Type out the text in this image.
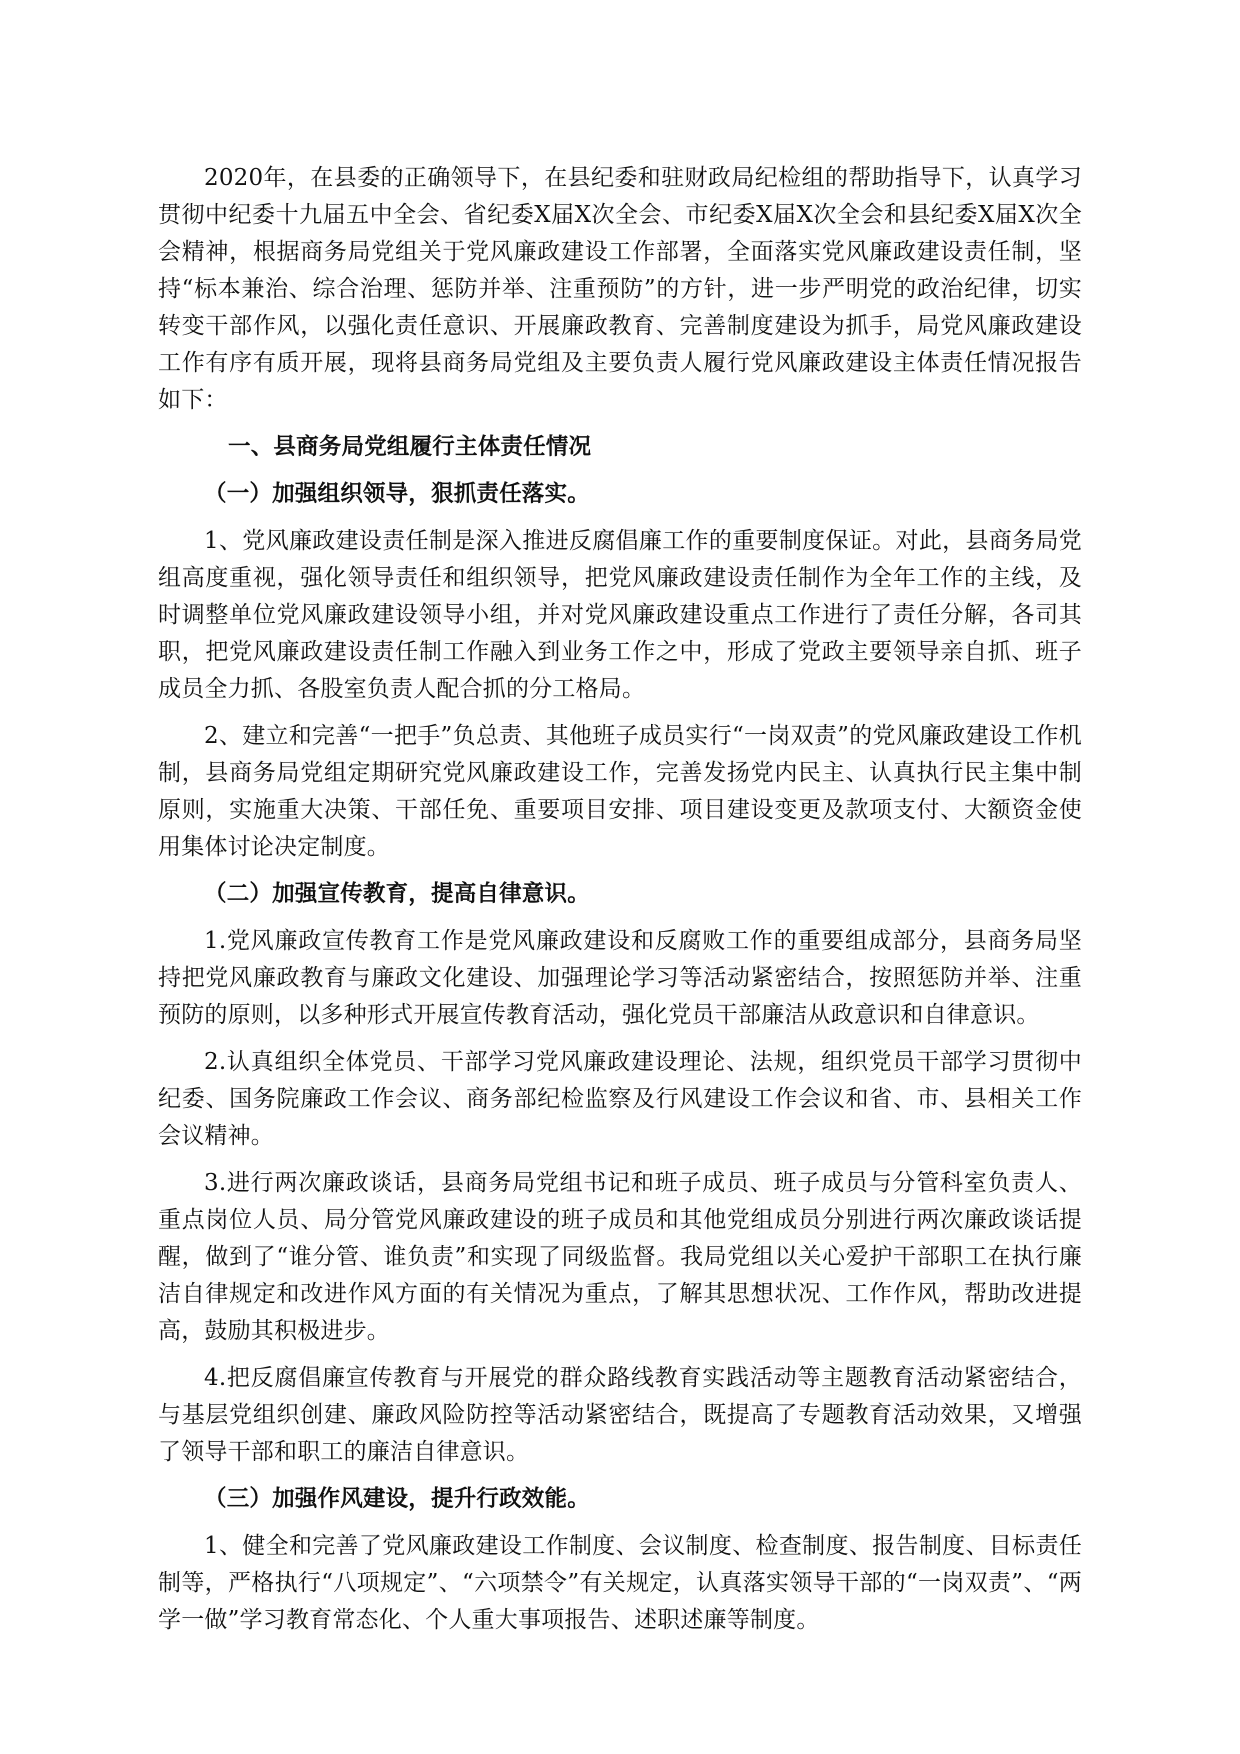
2020年，在县委的正确领导下，在县纪委和驻财政局纪检组的帮助指导下，认真学习贯彻中纪委十九届五中全会、省纪委X届X次全会、市纪委X届X次全会和县纪委X届X次全会精神，根据商务局党组关于党风廉政建设工作部署，全面落实党风廉政建设责任制，坚持“标本兼治、综合治理、惩防并举、注重预防”的方针，进一步严明党的政治纪律，切实转变干部作风，以强化责任意识、开展廉政教育、完善制度建设为抓手，局党风廉政建设工作有序有质开展，现将县商务局党组及主要负责人履行党风廉政建设主体责任情况报告如下：

一、县商务局党组履行主体责任情况
（一）加强组织领导，狠抓责任落实。

1、党风廉政建设责任制是深入推进反腐倡廉工作的重要制度保证。对此，县商务局党组高度重视，强化领导责任和组织领导，把党风廉政建设责任制作为全年工作的主线，及时调整单位党风廉政建设领导小组，并对党风廉政建设重点工作进行了责任分解，各司其职，把党风廉政建设责任制工作融入到业务工作之中，形成了党政主要领导亲自抓、班子成员全力抓、各股室负责人配合抓的分工格局。

2、建立和完善“一把手”负总责、其他班子成员实行“一岗双责”的党风廉政建设工作机制，县商务局党组定期研究党风廉政建设工作，完善发扬党内民主、认真执行民主集中制原则，实施重大决策、干部任免、重要项目安排、项目建设变更及款项支付、大额资金使用集体讨论决定制度。

（二）加强宣传教育，提高自律意识。

1.党风廉政宣传教育工作是党风廉政建设和反腐败工作的重要组成部分，县商务局坚持把党风廉政教育与廉政文化建设、加强理论学习等活动紧密结合，按照惩防并举、注重预防的原则，以多种形式开展宣传教育活动，强化党员干部廉洁从政意识和自律意识。

2.认真组织全体党员、干部学习党风廉政建设理论、法规，组织党员干部学习贯彻中纪委、国务院廉政工作会议、商务部纪检监察及行风建设工作会议和省、市、县相关工作会议精神。

3.进行两次廉政谈话，县商务局党组书记和班子成员、班子成员与分管科室负责人、重点岗位人员、局分管党风廉政建设的班子成员和其他党组成员分别进行两次廉政谈话提醒，做到了“谁分管、谁负责”和实现了同级监督。我局党组以关心爱护干部职工在执行廉洁自律规定和改进作风方面的有关情况为重点，了解其思想状况、工作作风，帮助改进提高，鼓励其积极进步。

4.把反腐倡廉宣传教育与开展党的群众路线教育实践活动等主题教育活动紧密结合，与基层党组织创建、廉政风险防控等活动紧密结合，既提高了专题教育活动效果，又增强了领导干部和职工的廉洁自律意识。

（三）加强作风建设，提升行政效能。

1、健全和完善了党风廉政建设工作制度、会议制度、检查制度、报告制度、目标责任制等，严格执行“八项规定”、“六项禁令”有关规定，认真落实领导干部的“一岗双责”、“两学一做”学习教育常态化、个人重大事项报告、述职述廉等制度。
